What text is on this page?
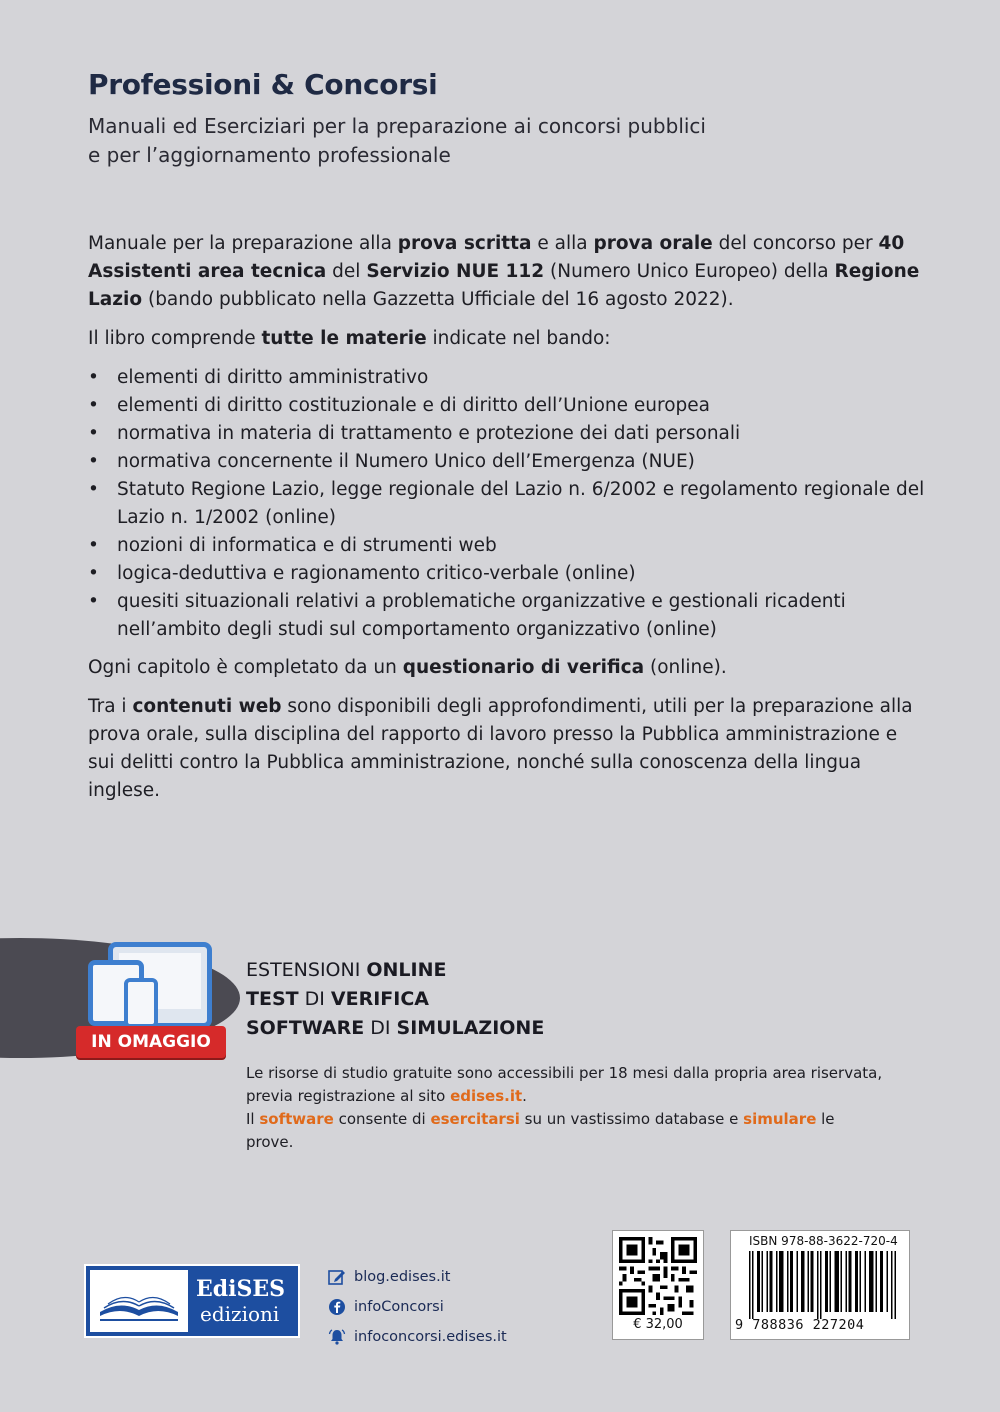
Professioni & Concorsi
Manuali ed Eserciziari per la preparazione ai concorsi pubblici
e per l’aggiornamento professionale

Manuale per la preparazione alla prova scritta e alla prova orale del concorso per 40 Assistenti area tecnica del Servizio NUE 112 (Numero Unico Europeo) della Regione Lazio (bando pubblicato nella Gazzetta Ufficiale del 16 agosto 2022).

Il libro comprende tutte le materie indicate nel bando:

• elementi di diritto amministrativo
• elementi di diritto costituzionale e di diritto dell’Unione europea
• normativa in materia di trattamento e protezione dei dati personali
• normativa concernente il Numero Unico dell’Emergenza (NUE)
• Statuto Regione Lazio, legge regionale del Lazio n. 6/2002 e regolamento regionale del Lazio n. 1/2002 (online)
• nozioni di informatica e di strumenti web
• logica-deduttiva e ragionamento critico-verbale (online)
• quesiti situazionali relativi a problematiche organizzative e gestionali ricadenti nell’ambito degli studi sul comportamento organizzativo (online)

Ogni capitolo è completato da un questionario di verifica (online).

Tra i contenuti web sono disponibili degli approfondimenti, utili per la preparazione alla prova orale, sulla disciplina del rapporto di lavoro presso la Pubblica amministrazione e sui delitti contro la Pubblica amministrazione, nonché sulla conoscenza della lingua inglese.

IN OMAGGIO
ESTENSIONI ONLINE
TEST DI VERIFICA
SOFTWARE DI SIMULAZIONE

Le risorse di studio gratuite sono accessibili per 18 mesi dalla propria area riservata, previa registrazione al sito edises.it.

Il software consente di esercitarsi su un vastissimo database e simulare le prove.

EdiSES
edizioni
blog.edises.it
infoConcorsi
infoconcorsi.edises.it
€ 32,00
ISBN 978-88-3622-720-4
9 788836 227204
